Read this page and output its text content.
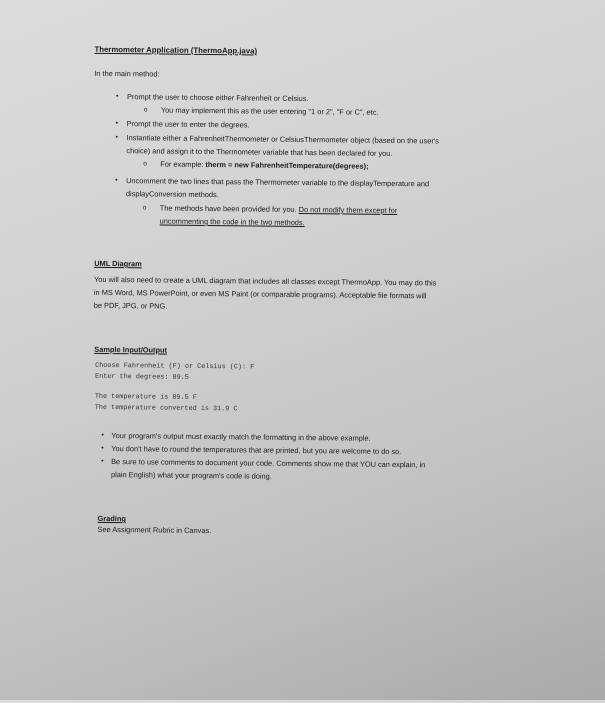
Thermometer Application (ThermoApp.java)
In the main method:
• Prompt the user to choose either Fahrenheit or Celsius.
o You may implement this as the user entering "1 or 2", "F or C", etc.
• Prompt the user to enter the degrees.
• Instantiate either a FahrenheitThermometer or CelsiusThermometer object (based on the user's
choice) and assign it to the Thermometer variable that has been declared for you.
o For example: therm = new FahrenheitTemperature(degrees);
• Uncomment the two lines that pass the Thermometer variable to the displayTemperature and
displayConversion methods.
o The methods have been provided for you. Do not modify them except for
uncommenting the code in the two methods.
UML Diagram
You will also need to create a UML diagram that includes all classes except ThermoApp. You may do this
in MS Word, MS PowerPoint, or even MS Paint (or comparable programs). Acceptable file formats will
be PDF, JPG, or PNG.
Sample Input/Output
Choose Fahrenheit (F) or Celsius (C): F
Enter the degrees: 89.5
The temperature is 89.5 F
The temperature converted is 31.9 C
• Your program's output must exactly match the formatting in the above example.
• You don't have to round the temperatures that are printed, but you are welcome to do so.
• Be sure to use comments to document your code. Comments show me that YOU can explain, in
plain English) what your program's code is doing.
Grading
See Assignment Rubric in Canvas.
